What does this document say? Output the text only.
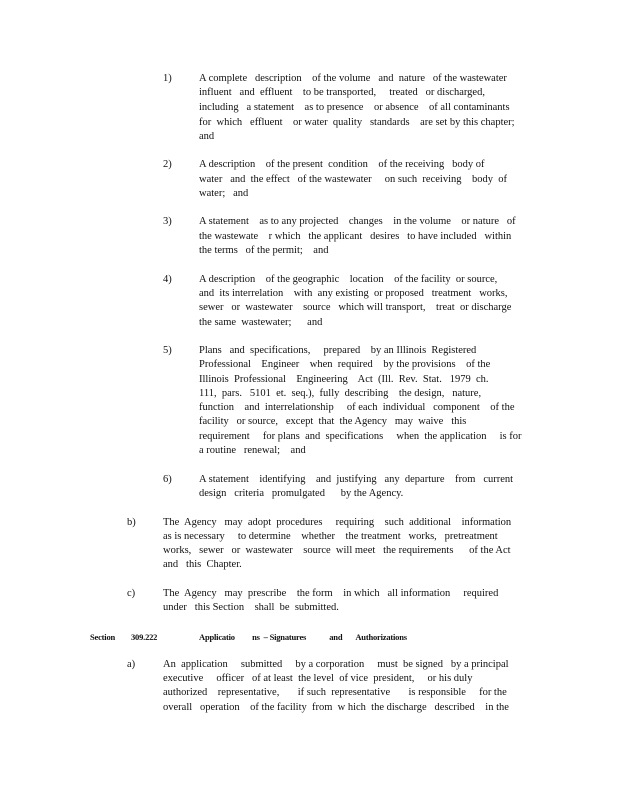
1)	A complete   description    of the volume   and  nature   of the wastewater
influent   and  effluent    to be transported,     treated   or discharged,
including   a statement    as to presence    or absence    of all contaminants
for  which   effluent    or water  quality   standards    are set by this chapter;
and
2)	A description    of the present  condition    of the receiving   body of
water   and  the effect   of the wastewater     on such  receiving    body  of
water;   and
3)	A statement    as to any projected    changes    in the volume    or nature   of
the wastewate    r which   the applicant   desires   to have included   within
the terms   of the permit;    and
4)	A description    of the geographic    location    of the facility  or source,
and  its interrelation    with  any existing  or proposed   treatment   works,
sewer   or  wastewater    source   which will transport,    treat  or discharge
the same  wastewater;      and
5)	Plans   and  specifications,     prepared    by an Illinois  Registered
Professional    Engineer    when  required    by the provisions    of the
Illinois  Professional    Engineering    Act  (Ill.  Rev.  Stat.   1979  ch.
111,  pars.   5101  et.  seq.),  fully  describing    the design,   nature,
function    and  interrelationship     of each  individual   component    of the
facility   or source,   except  that  the Agency   may  waive   this
requirement     for plans  and  specifications     when  the application     is for
a routine   renewal;    and
6)	A statement    identifying    and  justifying   any  departure    from   current
design   criteria   promulgated      by the Agency.
b)	The  Agency   may  adopt  procedures     requiring    such  additional    information
as is necessary     to determine    whether    the treatment   works,   pretreatment
works,   sewer   or  wastewater    source  will meet   the requirements      of the Act
and   this  Chapter.
c)	The  Agency   may  prescribe    the form    in which   all information     required
under   this Section    shall  be  submitted.
Section 309.222	Applicatio         ns  – Signatures            and       Authorizations
a)	An  application     submitted     by a corporation     must  be signed   by a principal
executive     officer   of at least  the level  of vice  president,     or his duly
authorized    representative,       if such  representative       is responsible     for the
overall   operation    of the facility  from  w hich  the discharge   described    in the
